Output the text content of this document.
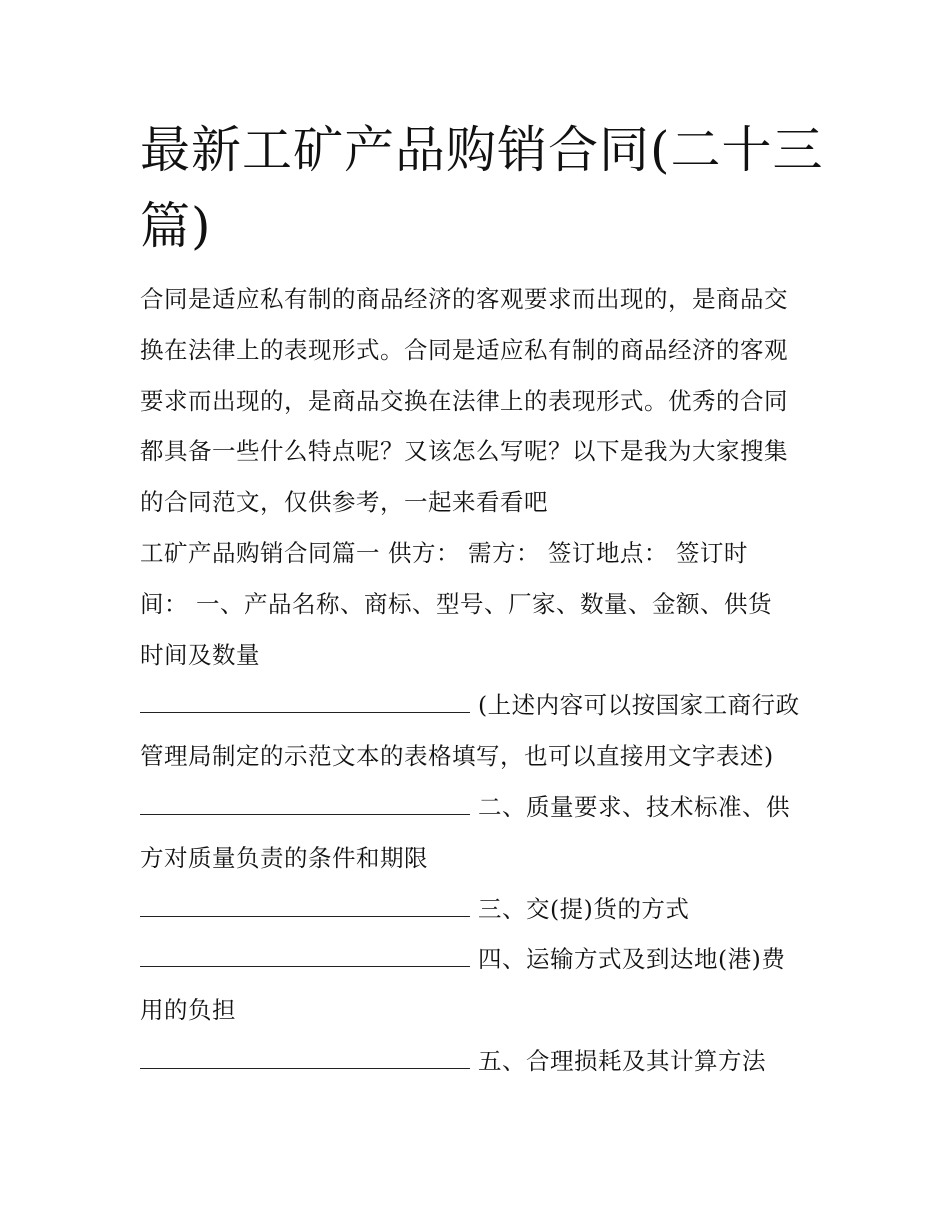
最新工矿产品购销合同(二十三
篇)
合同是适应私有制的商品经济的客观要求而出现的，是商品交
换在法律上的表现形式。合同是适应私有制的商品经济的客观
要求而出现的，是商品交换在法律上的表现形式。优秀的合同
都具备一些什么特点呢？又该怎么写呢？以下是我为大家搜集
的合同范文，仅供参考，一起来看看吧
工矿产品购销合同篇一 供方： 需方： 签订地点： 签订时
间： 一、产品名称、商标、型号、厂家、数量、金额、供货
时间及数量
(上述内容可以按国家工商行政
管理局制定的示范文本的表格填写，也可以直接用文字表述)
二、质量要求、技术标准、供
方对质量负责的条件和期限
三、交(提)货的方式
四、运输方式及到达地(港)费
用的负担
五、合理损耗及其计算方法
